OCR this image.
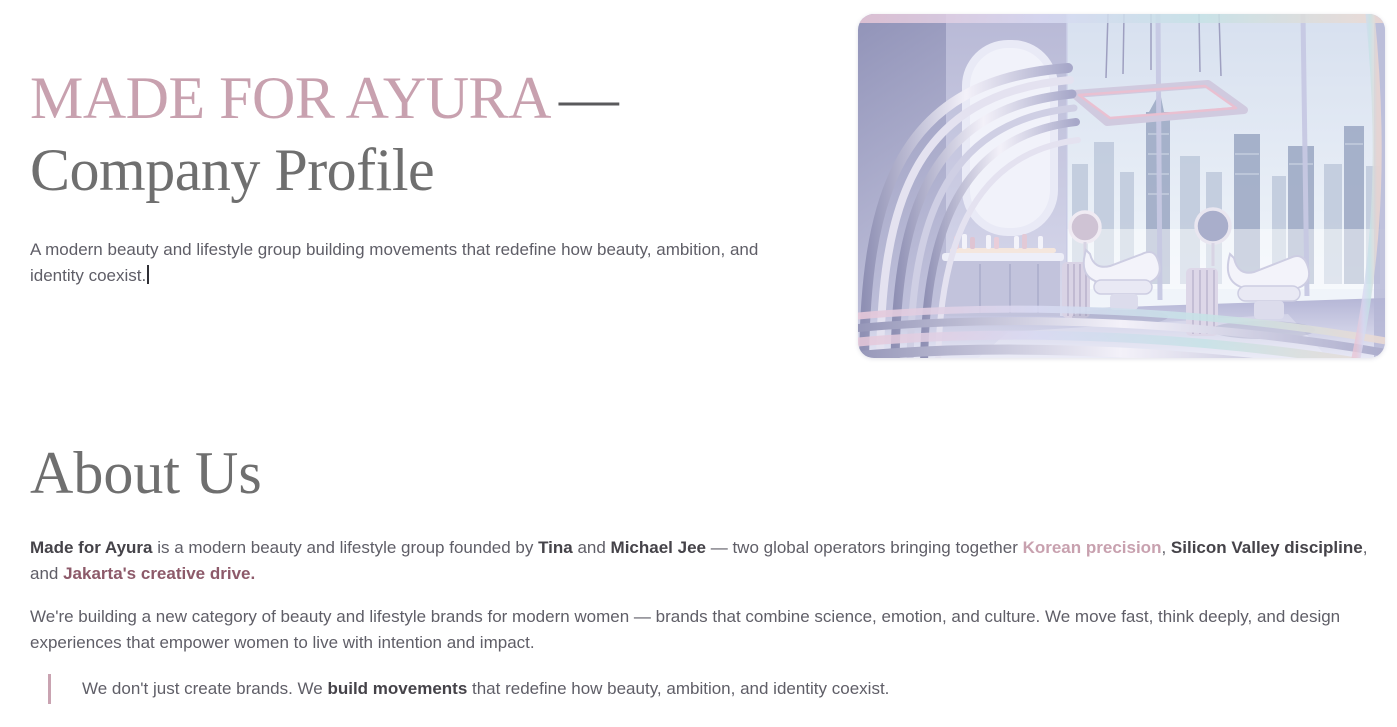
MADE FOR AYURA —
Company Profile

A modern beauty and lifestyle group building movements that redefine how beauty, ambition, and identity coexist.

About Us

Made for Ayura is a modern beauty and lifestyle group founded by Tina and Michael Jee — two global operators bringing together Korean precision, Silicon Valley discipline, and Jakarta's creative drive.

We're building a new category of beauty and lifestyle brands for modern women — brands that combine science, emotion, and culture. We move fast, think deeply, and design experiences that empower women to live with intention and impact.

We don't just create brands. We build movements that redefine how beauty, ambition, and identity coexist.
